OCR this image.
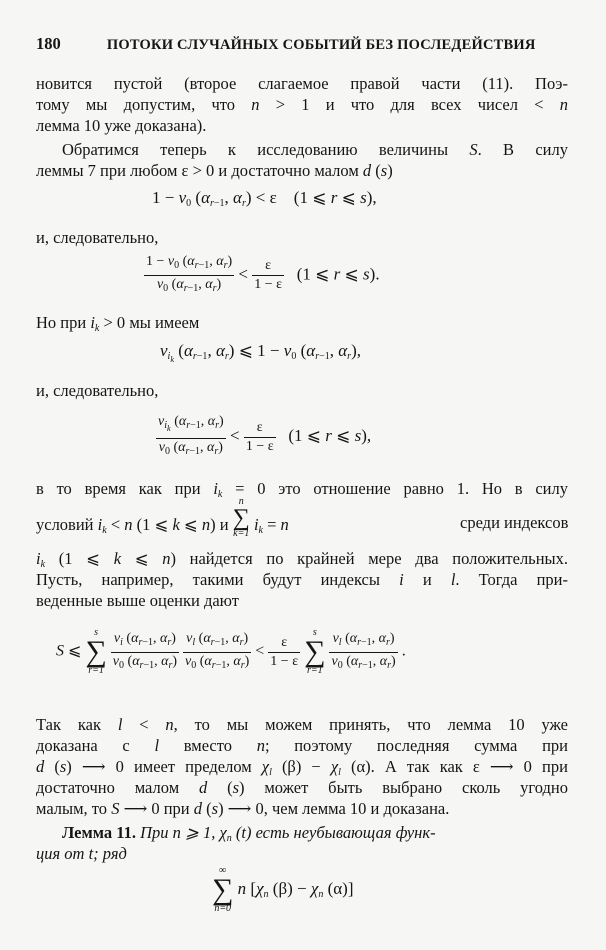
180	ПОТОКИ СЛУЧАЙНЫХ СОБЫТИЙ БЕЗ ПОСЛЕДЕЙСТВИЯ
новится пустой (второе слагаемое правой части (11). Поэ-
тому мы допустим, что n > 1 и что для всех чисел < n
лемма 10 уже доказана).
Обратимся теперь к исследованию величины S. В силу
леммы 7 при любом ε > 0 и достаточно малом d (s)
$1 - v_0$ ($\alpha_{r-1}$, $\alpha_r) < \varepsilon$    (1 ⩽ r ⩽ s),
и, следовательно,
$\frac{1 - v_0 (\alpha_{r-1}, \alpha_r)}{v_0 (\alpha_{r-1}, \alpha_r)} < \frac{\varepsilon}{1 - \varepsilon} (1$ ⩽ r ⩽ s).
Но при $i_k > 0$ мы имеем
$v_{i_k}$ ($\alpha_{r-1}$, $\alpha_r$) ⩽ $1 - v_0$ ($\alpha_{r-1}$, $\alpha_r$),
и, следовательно,
$\frac{v_{i_k} (\alpha_{r-1}, \alpha_r)}{v_0 (\alpha_{r-1}, \alpha_r)} < \frac{\varepsilon}{1 - \varepsilon} (1$ ⩽ r ⩽ s),
в то время как при $i_k = 0$ это отношение равно 1. Но в силу
условий $i_k < n$ (1 ⩽ k ⩽ n) и
n
∑
k=1 $i_k = n$	среди индексов
$i_k$ (1 ⩽ k ⩽ n) найдется по крайней мере два положительных.
Пусть, например, такими будут индексы i и l. Тогда при-
веденные выше оценки дают
S ⩽
s
∑
r=1
$\frac{v_i (\alpha_{r-1}, \alpha_r)}{v_0 (\alpha_{r-1}, \alpha_r)}$
$\frac{v_l (\alpha_{r-1}, \alpha_r)}{v_0 (\alpha_{r-1}, \alpha_r)} < \frac{\varepsilon}{1 - \varepsilon}$

s
∑
r=1
$\frac{v_l (\alpha_{r-1}, \alpha_r)}{v_0 (\alpha_{r-1}, \alpha_r)}$ .
Так как l < n, то мы можем принять, что лемма 10 уже
доказана с l вместо n; поэтому последняя сумма при
d (s) ⟶ 0 имеет пределом $\chi_l$ $(\beta) - \chi_l$ (α). А так как ε ⟶ 0 при
достаточно малом d (s) может быть выбрано сколь угодно
малым, то S ⟶ 0 при d (s) ⟶ 0, чем лемма 10 и доказана.
Лемма 11. При n ⩾ 1, $\chi_n$ (t) есть неубывающая функ-
ция от t; ряд
∞
∑
n=0
n [$\chi_n$ $(\beta) - \chi_n$ (α)]
